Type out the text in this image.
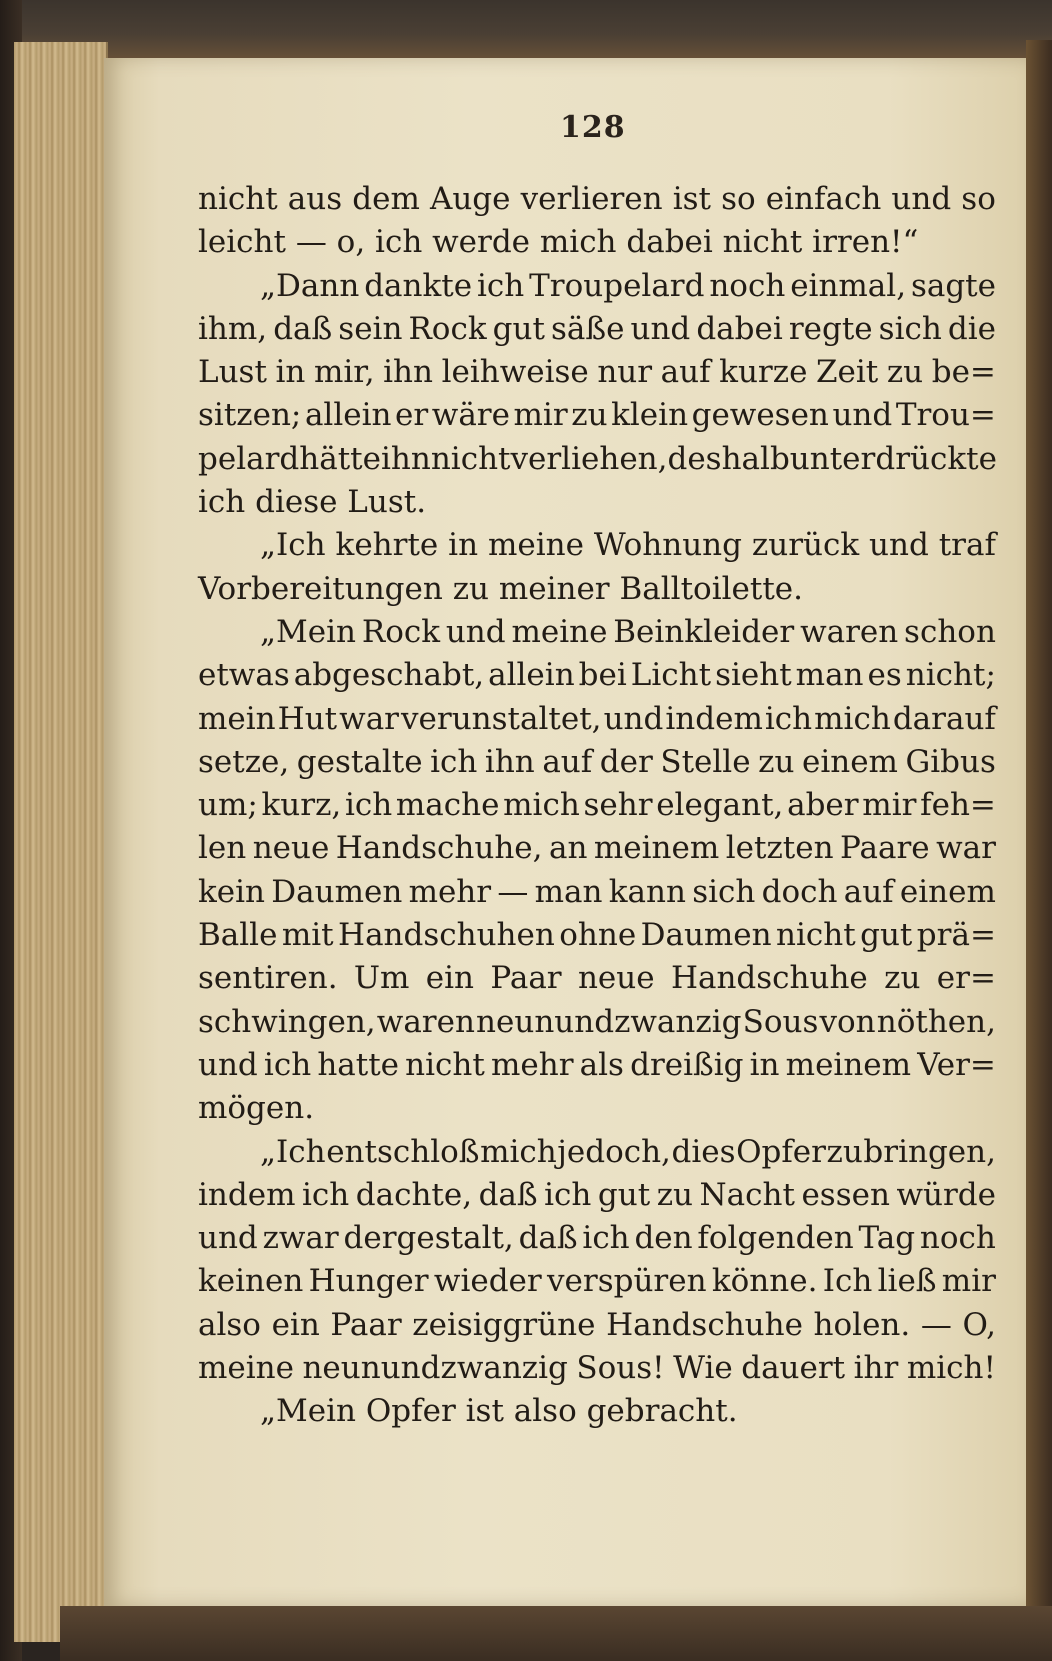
128
nicht aus dem Auge verlieren ist so einfach und so
leicht — o, ich werde mich dabei nicht irren!“
„Dann dankte ich Troupelard noch einmal, sagte
ihm, daß sein Rock gut säße und dabei regte sich die
Lust in mir, ihn leihweise nur auf kurze Zeit zu be=
sitzen; allein er wäre mir zu klein gewesen und Trou=
pelard hätte ihn nicht verliehen, deshalb unterdrückte
ich diese Lust.
„Ich kehrte in meine Wohnung zurück und traf
Vorbereitungen zu meiner Balltoilette.
„Mein Rock und meine Beinkleider waren schon
etwas abgeschabt, allein bei Licht sieht man es nicht;
mein Hut war verunstaltet, und indem ich mich darauf
setze, gestalte ich ihn auf der Stelle zu einem Gibus
um; kurz, ich mache mich sehr elegant, aber mir feh=
len neue Handschuhe, an meinem letzten Paare war
kein Daumen mehr — man kann sich doch auf einem
Balle mit Handschuhen ohne Daumen nicht gut prä=
sentiren. Um ein Paar neue Handschuhe zu er=
schwingen, waren neunundzwanzig Sous von nöthen,
und ich hatte nicht mehr als dreißig in meinem Ver=
mögen.
„Ich entschloß mich jedoch, dies Opfer zu bringen,
indem ich dachte, daß ich gut zu Nacht essen würde
und zwar dergestalt, daß ich den folgenden Tag noch
keinen Hunger wieder verspüren könne. Ich ließ mir
also ein Paar zeisiggrüne Handschuhe holen. — O,
meine neunundzwanzig Sous! Wie dauert ihr mich!
„Mein Opfer ist also gebracht.
